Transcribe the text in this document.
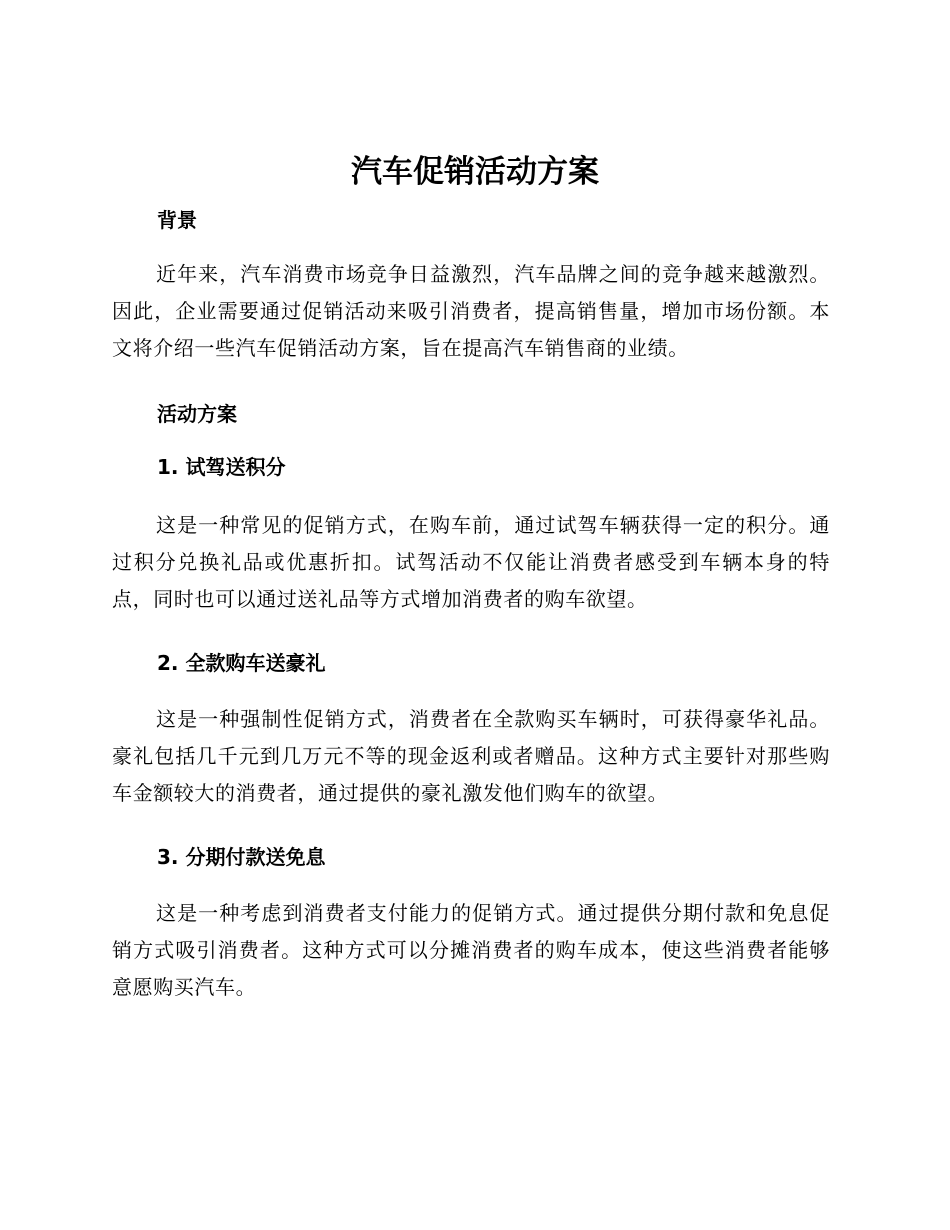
汽车促销活动方案
背景

近年来，汽车消费市场竞争日益激烈，汽车品牌之间的竞争越来越激烈。因此，企业需要通过促销活动来吸引消费者，提高销售量，增加市场份额。本文将介绍一些汽车促销活动方案，旨在提高汽车销售商的业绩。

活动方案
1. 试驾送积分

这是一种常见的促销方式，在购车前，通过试驾车辆获得一定的积分。通过积分兑换礼品或优惠折扣。试驾活动不仅能让消费者感受到车辆本身的特点，同时也可以通过送礼品等方式增加消费者的购车欲望。

2. 全款购车送豪礼

这是一种强制性促销方式，消费者在全款购买车辆时，可获得豪华礼品。豪礼包括几千元到几万元不等的现金返利或者赠品。这种方式主要针对那些购车金额较大的消费者，通过提供的豪礼激发他们购车的欲望。

3. 分期付款送免息

这是一种考虑到消费者支付能力的促销方式。通过提供分期付款和免息促销方式吸引消费者。这种方式可以分摊消费者的购车成本，使这些消费者能够意愿购买汽车。
